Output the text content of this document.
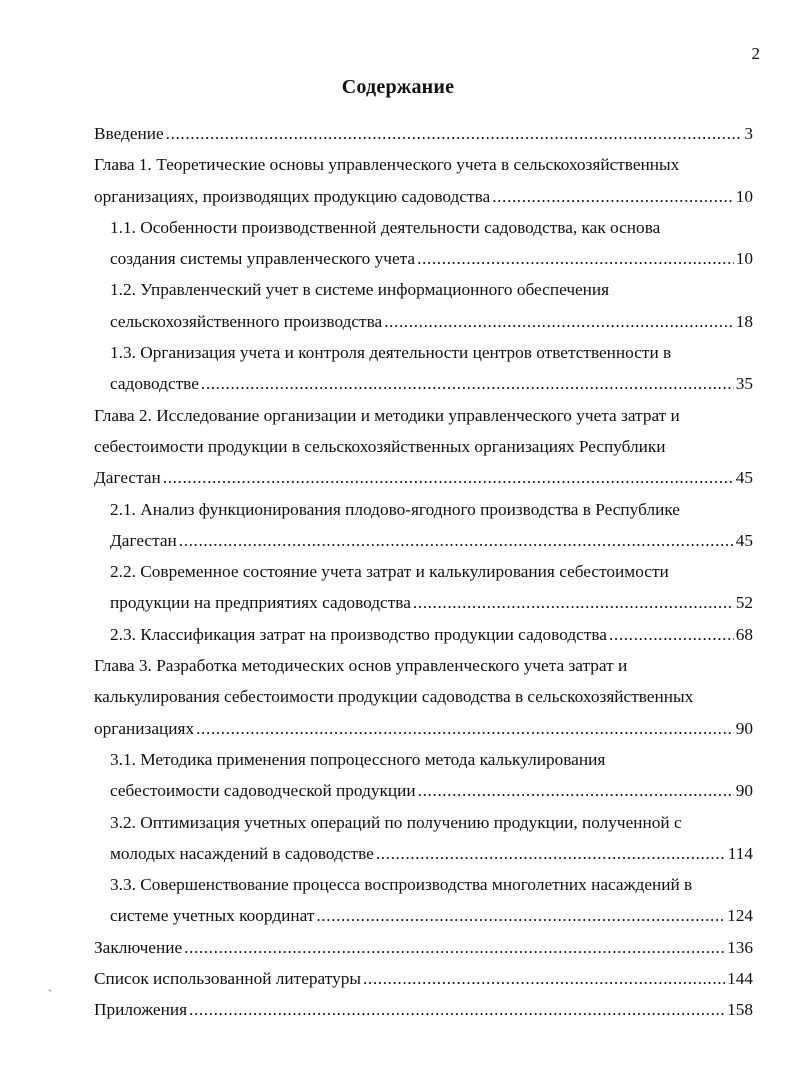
2
Содержание
Введение .....	3
Глава 1. Теоретические основы управленческого учета в сельскохозяйственных
организациях, производящих продукцию садоводства .....	10
1.1. Особенности производственной деятельности садоводства, как основа
создания системы управленческого учета .....	10
1.2. Управленческий учет в системе информационного обеспечения
сельскохозяйственного производства .....	18
1.3. Организация учета и контроля деятельности центров ответственности в
садоводстве .....	35
Глава 2. Исследование организации и методики управленческого учета затрат и
себестоимости продукции в сельскохозяйственных организациях Республики
Дагестан .....	45
2.1. Анализ функционирования плодово-ягодного производства в Республике
Дагестан .....	45
2.2. Современное состояние учета затрат и калькулирования себестоимости
продукции на предприятиях садоводства .....	52
2.3. Классификация затрат на производство продукции садоводства .....	68
Глава 3. Разработка методических основ управленческого учета затрат и
калькулирования себестоимости продукции садоводства в сельскохозяйственных
организациях .....	90
3.1. Методика применения попроцессного метода калькулирования
себестоимости садоводческой продукции .....	90
3.2. Оптимизация учетных операций по получению продукции, полученной с
молодых насаждений в садоводстве .....	114
3.3. Совершенствование процесса воспроизводства многолетних насаждений в
системе учетных координат .....	124
Заключение .....	136
Список использованной литературы .....	144
Приложения .....	158
ˏ
